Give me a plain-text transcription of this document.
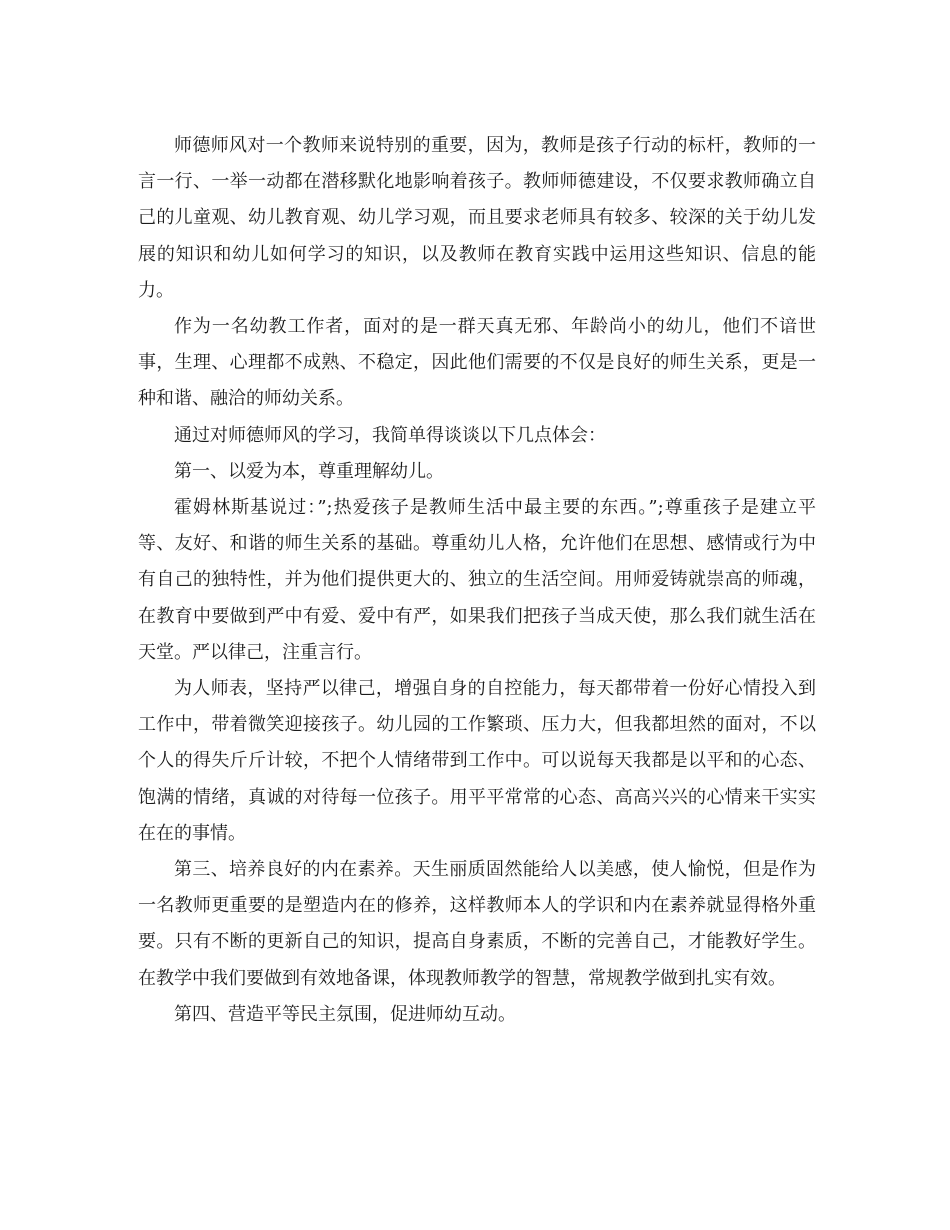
师德师风对一个教师来说特别的重要，因为，教师是孩子行动的标杆，教师的一言一行、一举一动都在潜移默化地影响着孩子。教师师德建设，不仅要求教师确立自己的儿童观、幼儿教育观、幼儿学习观，而且要求老师具有较多、较深的关于幼儿发展的知识和幼儿如何学习的知识，以及教师在教育实践中运用这些知识、信息的能力。

作为一名幼教工作者，面对的是一群天真无邪、年龄尚小的幼儿，他们不谙世事，生理、心理都不成熟、不稳定，因此他们需要的不仅是良好的师生关系，更是一种和谐、融洽的师幼关系。

通过对师德师风的学习，我简单得谈谈以下几点体会：

第一、以爱为本，尊重理解幼儿。

霍姆林斯基说过：”;热爱孩子是教师生活中最主要的东西。”;尊重孩子是建立平等、友好、和谐的师生关系的基础。尊重幼儿人格，允许他们在思想、感情或行为中有自己的独特性，并为他们提供更大的、独立的生活空间。用师爱铸就崇高的师魂，在教育中要做到严中有爱、爱中有严，如果我们把孩子当成天使，那么我们就生活在天堂。严以律己，注重言行。

为人师表，坚持严以律己，增强自身的自控能力，每天都带着一份好心情投入到工作中，带着微笑迎接孩子。幼儿园的工作繁琐、压力大，但我都坦然的面对，不以个人的得失斤斤计较，不把个人情绪带到工作中。可以说每天我都是以平和的心态、饱满的情绪，真诚的对待每一位孩子。用平平常常的心态、高高兴兴的心情来干实实在在的事情。

第三、培养良好的内在素养。天生丽质固然能给人以美感，使人愉悦，但是作为一名教师更重要的是塑造内在的修养，这样教师本人的学识和内在素养就显得格外重要。只有不断的更新自己的知识，提高自身素质，不断的完善自己，才能教好学生。在教学中我们要做到有效地备课，体现教师教学的智慧，常规教学做到扎实有效。

第四、营造平等民主氛围，促进师幼互动。
